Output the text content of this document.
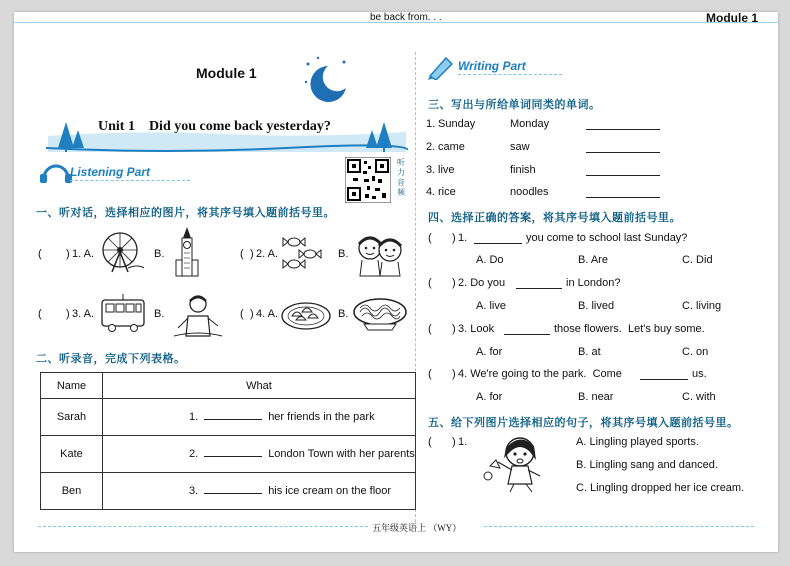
be back from. . .	Module 1
Module 1
Unit 1    Did you come back yesterday?
Listening Part
听力音频
一、听对话，选择相应的图片，将其序号填入题前括号里。
( ) 1. A.	B.	( ) 2. A.	B.
( ) 3. A.	B.	( ) 4. A.	B.
二、听录音，完成下列表格。
Name	What
Sarah	1. her friends in the park
Kate	2. London Town with her parents
Ben	3. his ice cream on the floor
Writing Part
三、写出与所给单词同类的单词。
1. Sunday	Monday
2. came	saw
3. live	finish
4. rice	noodles
四、选择正确的答案，将其序号填入题前括号里。
( ) 1.	you come to school last Sunday?
A. Do	B. Are	C. Did
( ) 2. Do you	in London?
A. live	B. lived	C. living
( ) 3. Look	those flowers.  Let's buy some.
A. for	B. at	C. on
( ) 4. We're going to the park.  Come	us.
A. for	B. near	C. with
五、给下列图片选择相应的句子，将其序号填入题前括号里。
( ) 1.	A. Lingling played sports.
B. Lingling sang and danced.
C. Lingling dropped her ice cream.
五年级英语上 （WY）
